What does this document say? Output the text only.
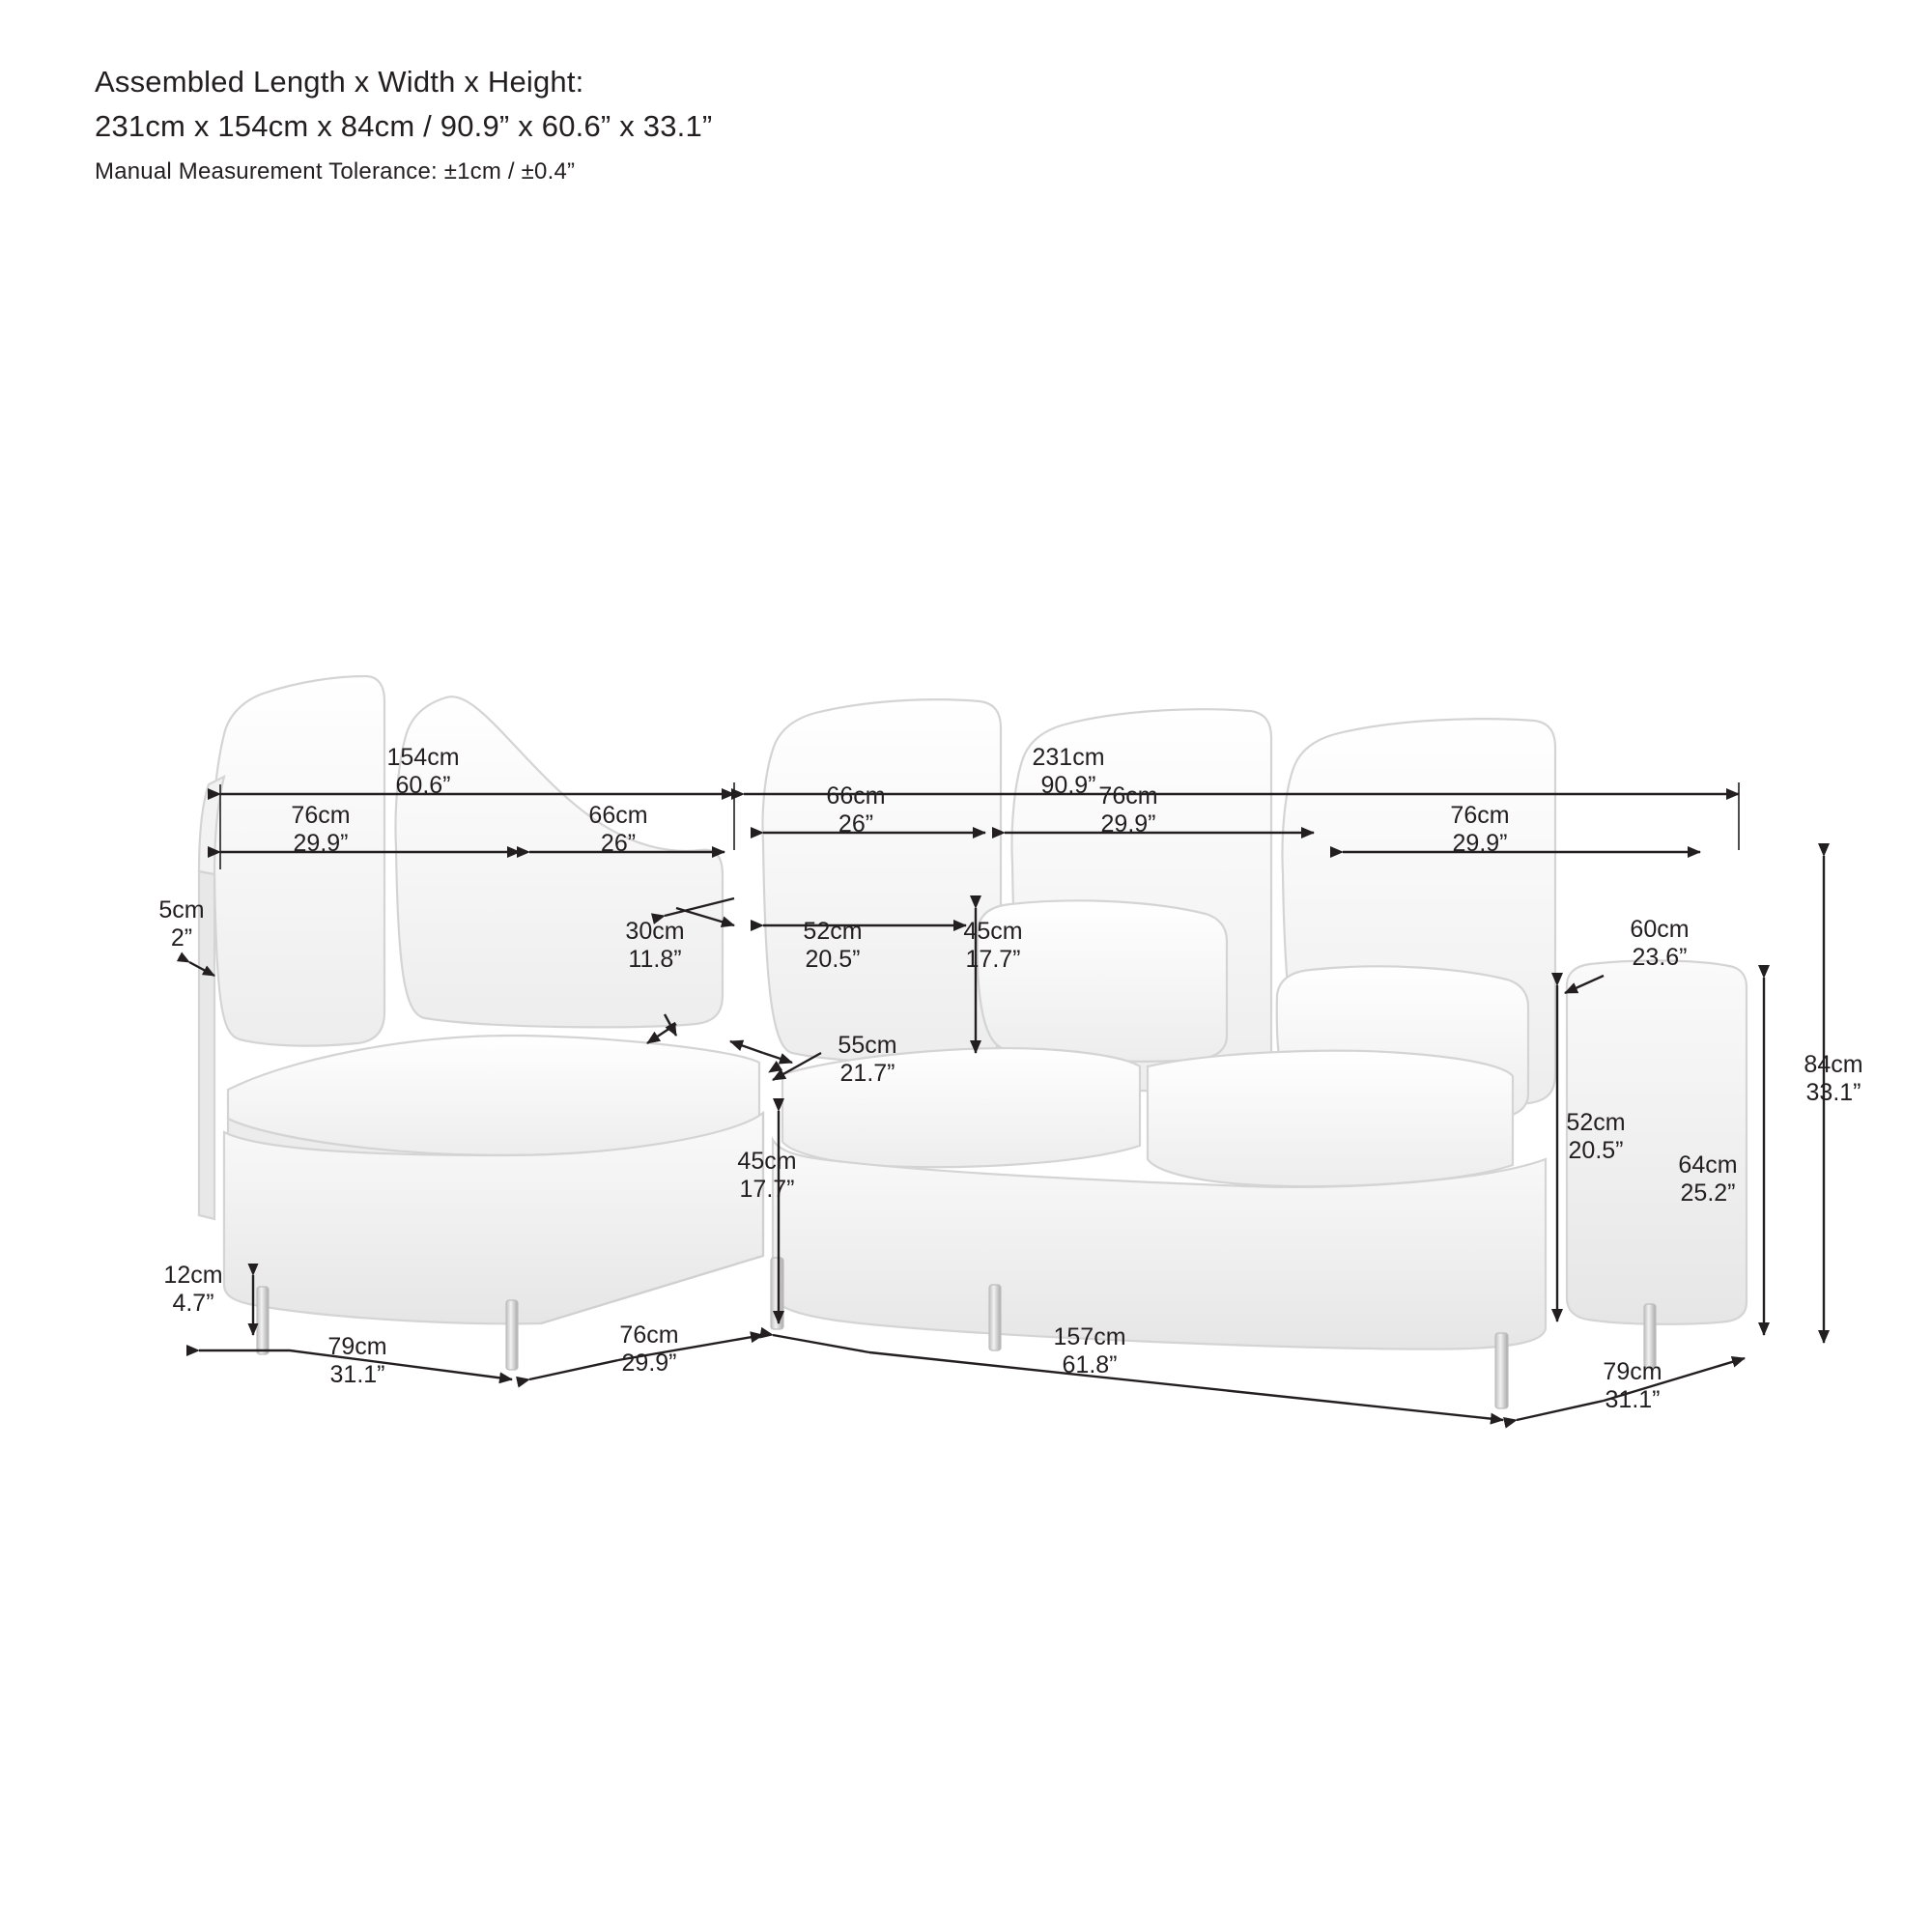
Assembled Length x Width x Height:
231cm x 154cm x 84cm / 90.9” x 60.6” x 33.1”
Manual Measurement Tolerance: ±1cm / ±0.4”
154cm
60.6”
231cm
90.9”
76cm
29.9”
66cm
26”
66cm
26”
76cm
29.9”	76cm
29.9”
5cm
2”	30cm
11.8”
52cm
20.5”
45cm
17.7”
55cm
21.7”
45cm
17.7”
60cm
23.6”
52cm
20.5”
64cm
25.2”
84cm
33.1”
12cm
4.7”
79cm
31.1”
76cm
29.9”
157cm
61.8”	79cm
31.1”
